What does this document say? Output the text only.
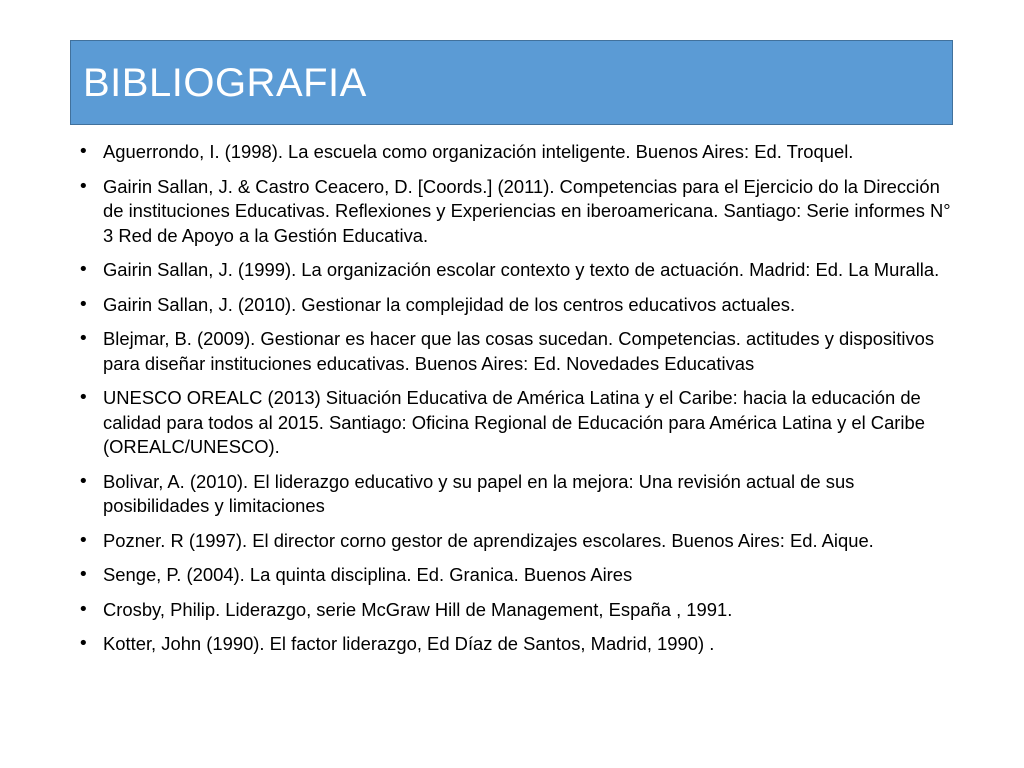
BIBLIOGRAFIA
• Aguerrondo, I. (1998). La escuela como organización inteligente. Buenos Aires: Ed. Troquel.
• Gairin Sallan, J. & Castro Ceacero, D. [Coords.] (2011). Competencias para el Ejercicio do la Dirección de instituciones Educativas. Reflexiones y Experiencias en iberoamericana. Santiago: Serie informes N° 3 Red de Apoyo a la Gestión Educativa.
• Gairin Sallan, J. (1999). La organización escolar contexto y texto de actuación. Madrid: Ed. La Muralla.
• Gairin Sallan, J. (2010). Gestionar la complejidad de los centros educativos actuales.
• Blejmar, B. (2009). Gestionar es hacer que las cosas sucedan. Competencias. actitudes y dispositivos para diseñar instituciones educativas. Buenos Aires: Ed. Novedades Educativas
• UNESCO OREALC (2013) Situación Educativa de América Latina y el Caribe: hacia la educación de calidad para todos al 2015. Santiago: Oficina Regional de Educación para América Latina y el Caribe (OREALC/UNESCO).
• Bolivar, A. (2010). El liderazgo educativo y su papel en la mejora: Una revisión actual de sus posibilidades y limitaciones
• Pozner. R (1997). El director corno gestor de aprendizajes escolares. Buenos Aires: Ed. Aique.
• Senge, P. (2004). La quinta disciplina. Ed. Granica. Buenos Aires
• Crosby, Philip. Liderazgo, serie McGraw Hill de Management, España , 1991.
• Kotter, John (1990). El factor liderazgo, Ed Díaz de Santos, Madrid, 1990) .
